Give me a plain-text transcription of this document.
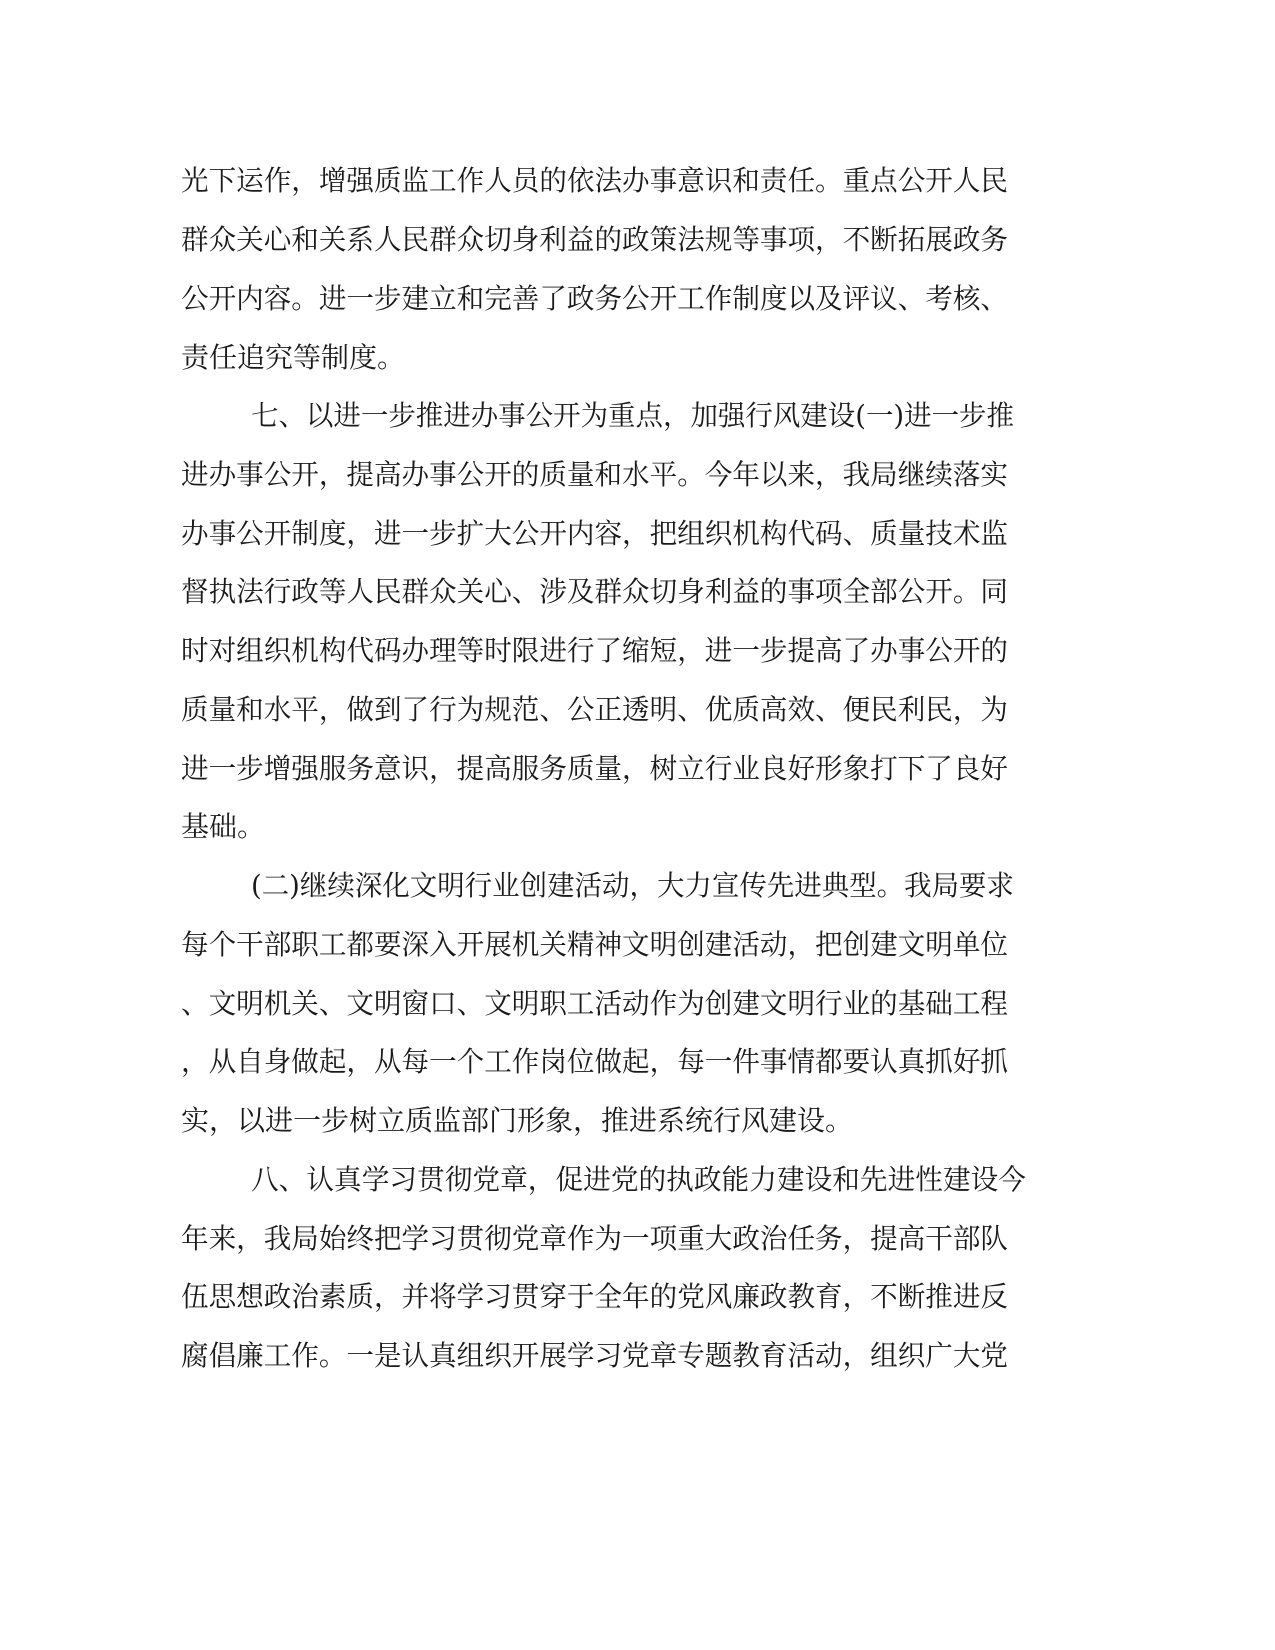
光下运作，增强质监工作人员的依法办事意识和责任。重点公开人民
群众关心和关系人民群众切身利益的政策法规等事项，不断拓展政务
公开内容。进一步建立和完善了政务公开工作制度以及评议、考核、
责任追究等制度。
七、以进一步推进办事公开为重点，加强行风建设(一)进一步推
进办事公开，提高办事公开的质量和水平。今年以来，我局继续落实
办事公开制度，进一步扩大公开内容，把组织机构代码、质量技术监
督执法行政等人民群众关心、涉及群众切身利益的事项全部公开。同
时对组织机构代码办理等时限进行了缩短，进一步提高了办事公开的
质量和水平，做到了行为规范、公正透明、优质高效、便民利民，为
进一步增强服务意识，提高服务质量，树立行业良好形象打下了良好
基础。
(二)继续深化文明行业创建活动，大力宣传先进典型。我局要求
每个干部职工都要深入开展机关精神文明创建活动，把创建文明单位
、文明机关、文明窗口、文明职工活动作为创建文明行业的基础工程
，从自身做起，从每一个工作岗位做起，每一件事情都要认真抓好抓
实，以进一步树立质监部门形象，推进系统行风建设。
八、认真学习贯彻党章，促进党的执政能力建设和先进性建设今
年来，我局始终把学习贯彻党章作为一项重大政治任务，提高干部队
伍思想政治素质，并将学习贯穿于全年的党风廉政教育，不断推进反
腐倡廉工作。一是认真组织开展学习党章专题教育活动，组织广大党
